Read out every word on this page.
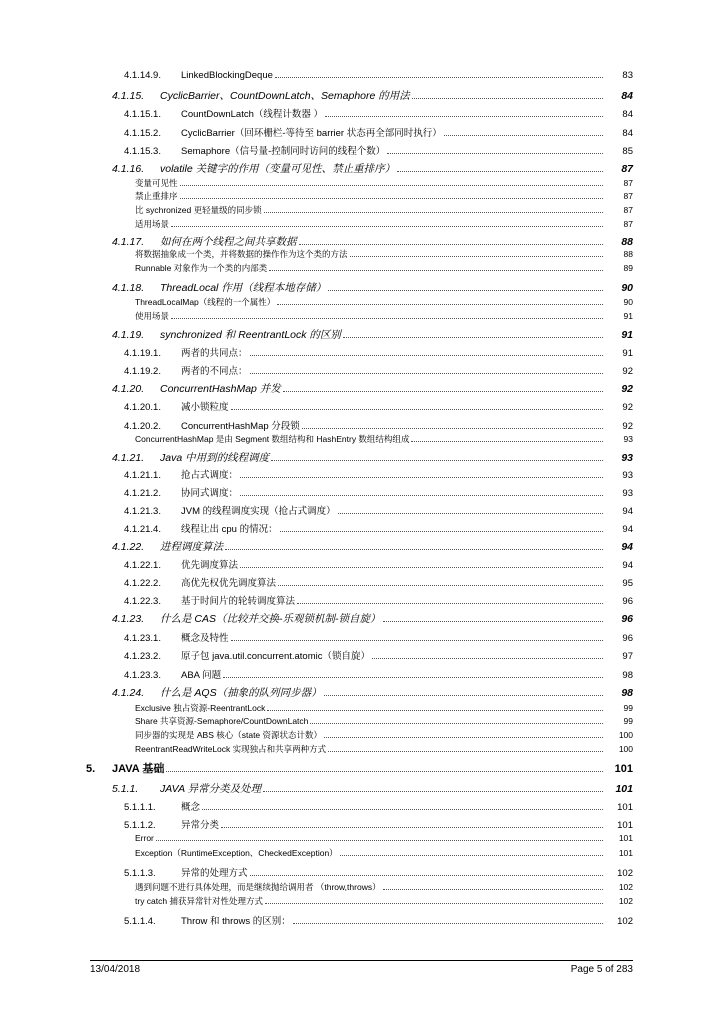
4.1.14.9.	LinkedBlockingDeque	83
4.1.15.	CyclicBarrier、CountDownLatch、Semaphore 的用法	84
4.1.15.1.	CountDownLatch（线程计数器 ）	84
4.1.15.2.	CyclicBarrier（回环栅栏-等待至 barrier 状态再全部同时执行）	84
4.1.15.3.	Semaphore（信号量-控制同时访问的线程个数）	85
4.1.16.	volatile 关键字的作用（变量可见性、禁止重排序）	87
变量可见性	87
禁止重排序	87
比 sychronized 更轻量级的同步锁	87
适用场景	87
4.1.17.	如何在两个线程之间共享数据	88
将数据抽象成一个类，并将数据的操作作为这个类的方法	88
Runnable 对象作为一个类的内部类	89
4.1.18.	ThreadLocal 作用（线程本地存储）	90
ThreadLocalMap（线程的一个属性）	90
使用场景	91
4.1.19.	synchronized 和 ReentrantLock 的区别	91
4.1.19.1.	两者的共同点：	91
4.1.19.2.	两者的不同点：	92
4.1.20.	ConcurrentHashMap 并发	92
4.1.20.1.	减小锁粒度	92
4.1.20.2.	ConcurrentHashMap 分段锁	92
ConcurrentHashMap 是由 Segment 数组结构和 HashEntry 数组结构组成	93
4.1.21.	Java 中用到的线程调度	93
4.1.21.1.	抢占式调度：	93
4.1.21.2.	协同式调度：	93
4.1.21.3.	JVM 的线程调度实现（抢占式调度）	94
4.1.21.4.	线程让出 cpu 的情况：	94
4.1.22.	进程调度算法	94
4.1.22.1.	优先调度算法	94
4.1.22.2.	高优先权优先调度算法	95
4.1.22.3.	基于时间片的轮转调度算法	96
4.1.23.	什么是 CAS（比较并交换-乐观锁机制-锁自旋）	96
4.1.23.1.	概念及特性	96
4.1.23.2.	原子包 java.util.concurrent.atomic（锁自旋）	97
4.1.23.3.	ABA 问题	98
4.1.24.	什么是 AQS（抽象的队列同步器）	98
Exclusive 独占资源-ReentrantLock	99
Share 共享资源-Semaphore/CountDownLatch	99
同步器的实现是 ABS 核心（state 资源状态计数）	100
ReentrantReadWriteLock 实现独占和共享两种方式	100
5.	JAVA 基础	101
5.1.1.	JAVA 异常分类及处理	101
5.1.1.1.	概念	101
5.1.1.2.	异常分类	101
Error	101
Exception（RuntimeException、CheckedException）	101
5.1.1.3.	异常的处理方式	102
遇到问题不进行具体处理，而是继续抛给调用者 （throw,throws）	102
try catch 捕获异常针对性处理方式	102
5.1.1.4.	Throw 和 throws 的区别：	102
13/04/2018	Page 5 of 283
